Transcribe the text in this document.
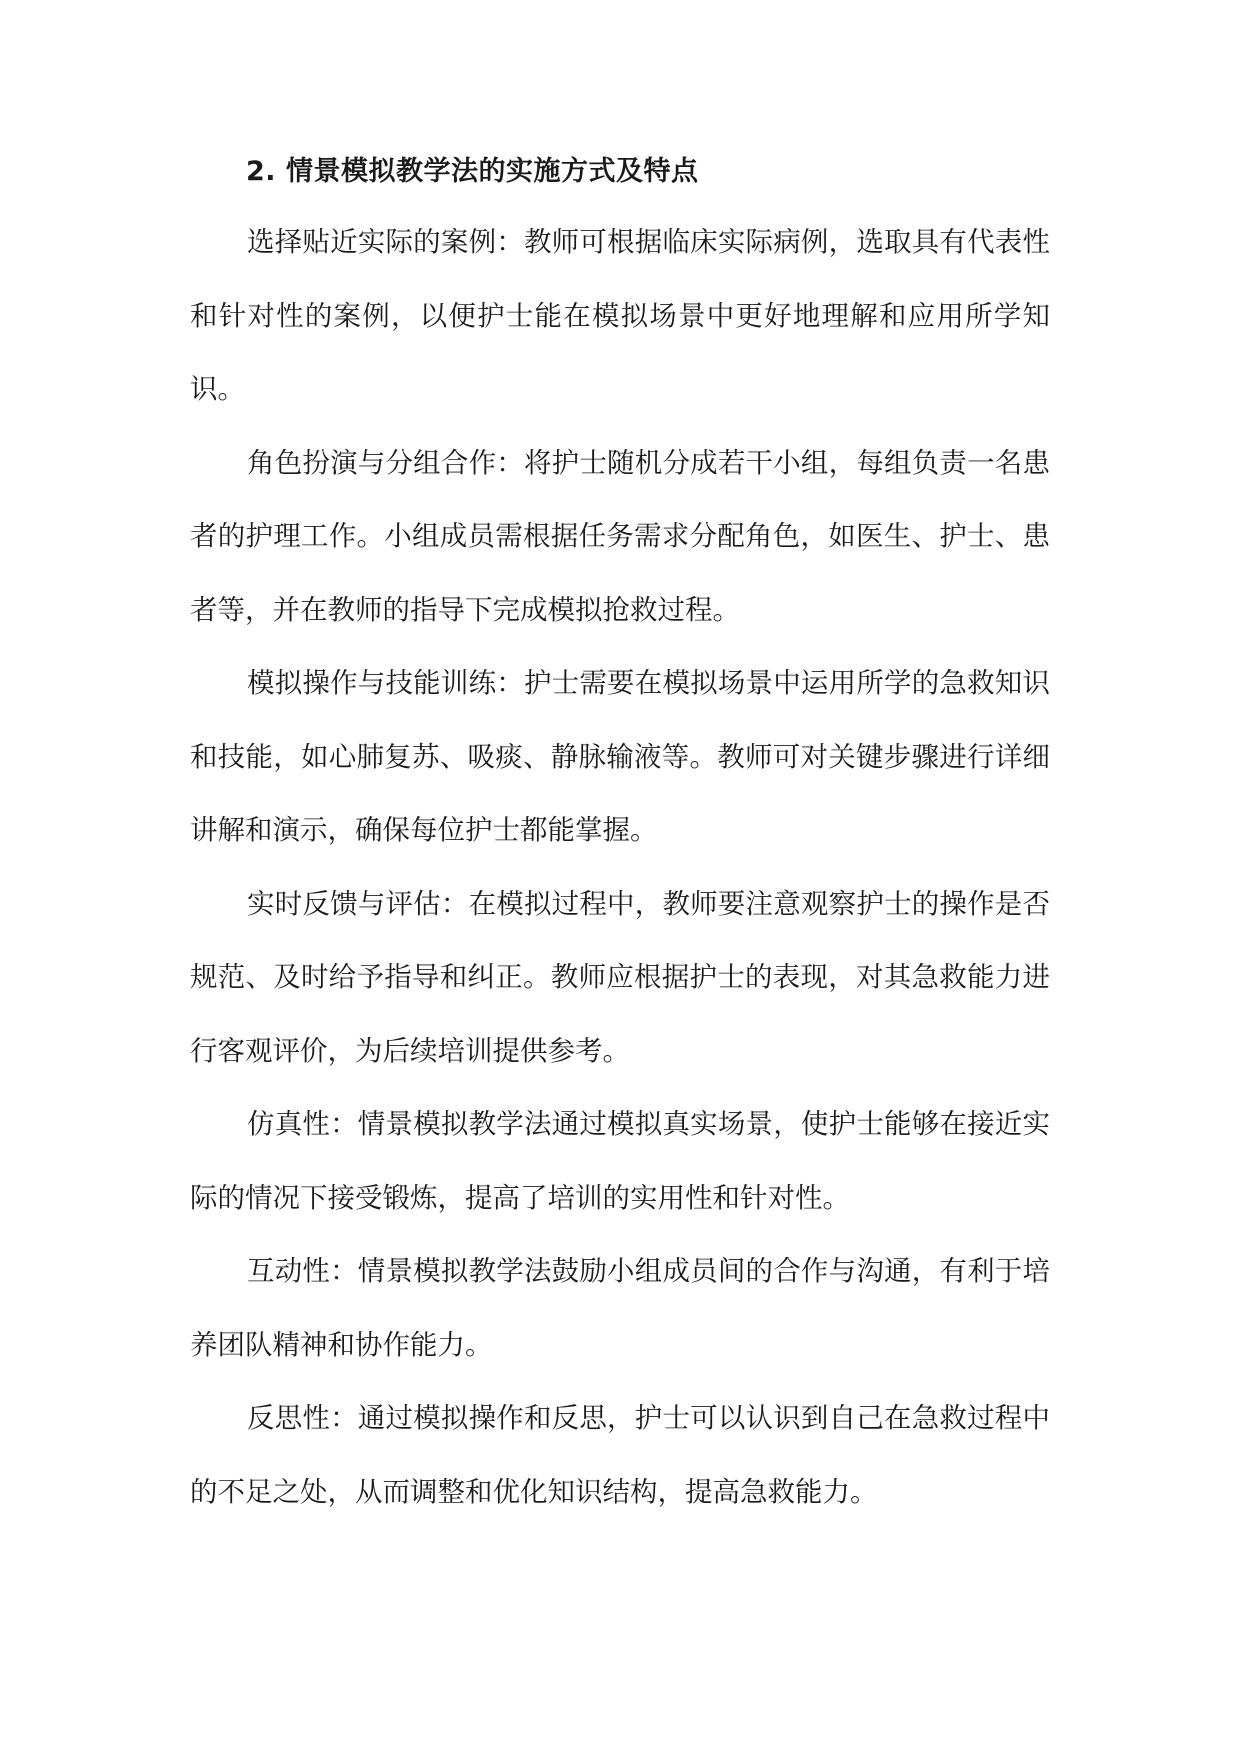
2. 情景模拟教学法的实施方式及特点

选择贴近实际的案例：教师可根据临床实际病例，选取具有代表性和针对性的案例，以便护士能在模拟场景中更好地理解和应用所学知识。

角色扮演与分组合作：将护士随机分成若干小组，每组负责一名患者的护理工作。小组成员需根据任务需求分配角色，如医生、护士、患者等，并在教师的指导下完成模拟抢救过程。

模拟操作与技能训练：护士需要在模拟场景中运用所学的急救知识和技能，如心肺复苏、吸痰、静脉输液等。教师可对关键步骤进行详细讲解和演示，确保每位护士都能掌握。

实时反馈与评估：在模拟过程中，教师要注意观察护士的操作是否规范、及时给予指导和纠正。教师应根据护士的表现，对其急救能力进行客观评价，为后续培训提供参考。

仿真性：情景模拟教学法通过模拟真实场景，使护士能够在接近实际的情况下接受锻炼，提高了培训的实用性和针对性。

互动性：情景模拟教学法鼓励小组成员间的合作与沟通，有利于培养团队精神和协作能力。

反思性：通过模拟操作和反思，护士可以认识到自己在急救过程中的不足之处，从而调整和优化知识结构，提高急救能力。
